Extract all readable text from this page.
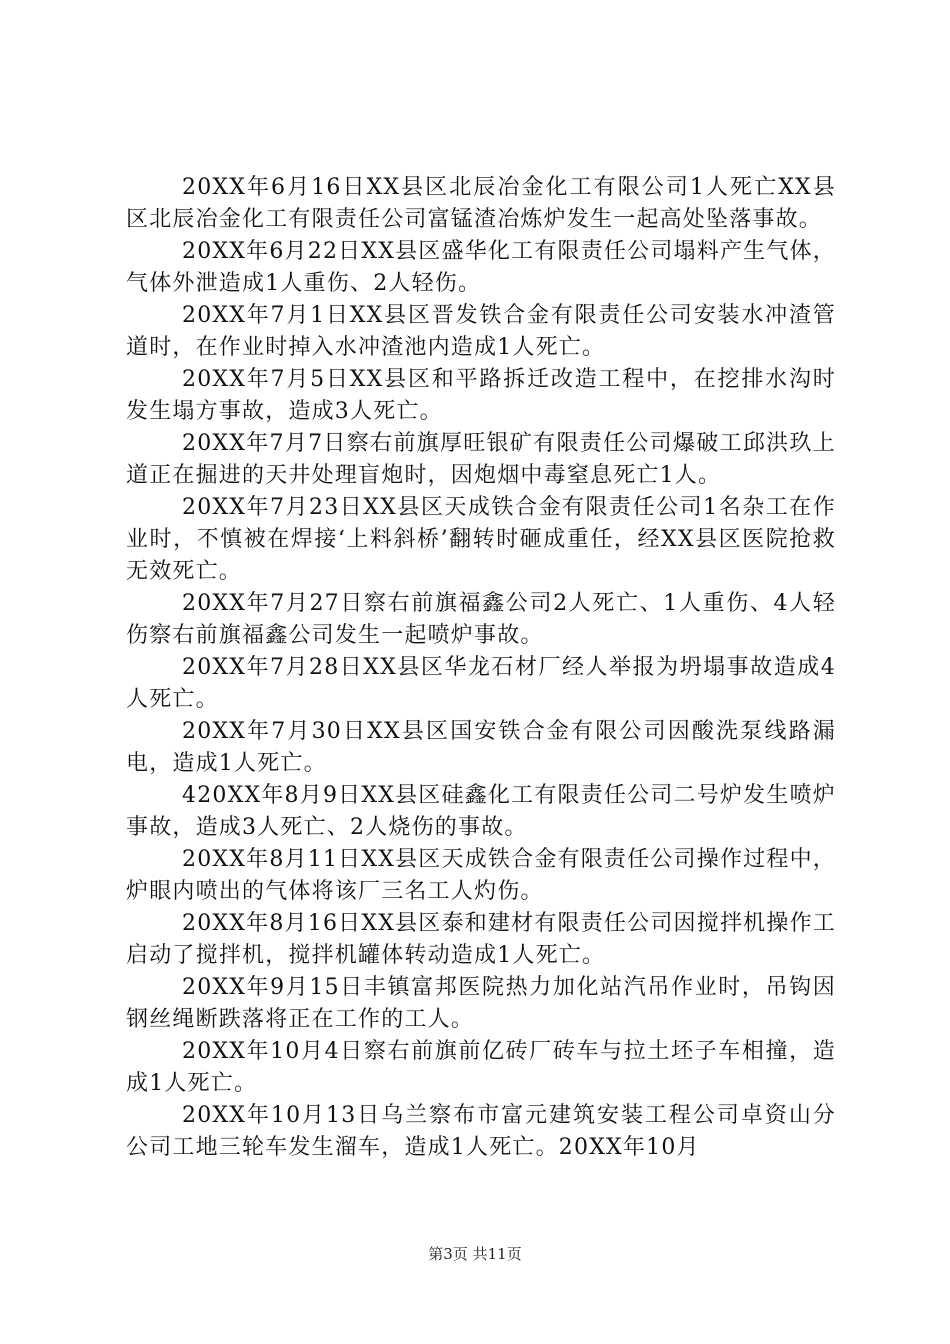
20XX年6月16日XX县区北辰冶金化工有限公司1人死亡XX县区北辰冶金化工有限责任公司富锰渣冶炼炉发生一起高处坠落事故。

20XX年6月22日XX县区盛华化工有限责任公司塌料产生气体，气体外泄造成1人重伤、2人轻伤。

20XX年7月1日XX县区晋发铁合金有限责任公司安装水冲渣管道时，在作业时掉入水冲渣池内造成1人死亡。

20XX年7月5日XX县区和平路拆迁改造工程中，在挖排水沟时发生塌方事故，造成3人死亡。

20XX年7月7日察右前旗厚旺银矿有限责任公司爆破工邱洪玖上道正在掘进的天井处理盲炮时，因炮烟中毒窒息死亡1人。

20XX年7月23日XX县区天成铁合金有限责任公司1名杂工在作业时，不慎被在焊接‘上料斜桥’翻转时砸成重任，经XX县区医院抢救无效死亡。

20XX年7月27日察右前旗福鑫公司2人死亡、1人重伤、4人轻伤察右前旗福鑫公司发生一起喷炉事故。

20XX年7月28日XX县区华龙石材厂经人举报为坍塌事故造成4人死亡。

20XX年7月30日XX县区国安铁合金有限公司因酸洗泵线路漏电，造成1人死亡。

420XX年8月9日XX县区硅鑫化工有限责任公司二号炉发生喷炉事故，造成3人死亡、2人烧伤的事故。

20XX年8月11日XX县区天成铁合金有限责任公司操作过程中，炉眼内喷出的气体将该厂三名工人灼伤。

20XX年8月16日XX县区泰和建材有限责任公司因搅拌机操作工启动了搅拌机，搅拌机罐体转动造成1人死亡。

20XX年9月15日丰镇富邦医院热力加化站汽吊作业时，吊钩因钢丝绳断跌落将正在工作的工人。

20XX年10月4日察右前旗前亿砖厂砖车与拉土坯子车相撞，造成1人死亡。

20XX年10月13日乌兰察布市富元建筑安装工程公司卓资山分公司工地三轮车发生溜车，造成1人死亡。20XX年10月

第3页 共11页
